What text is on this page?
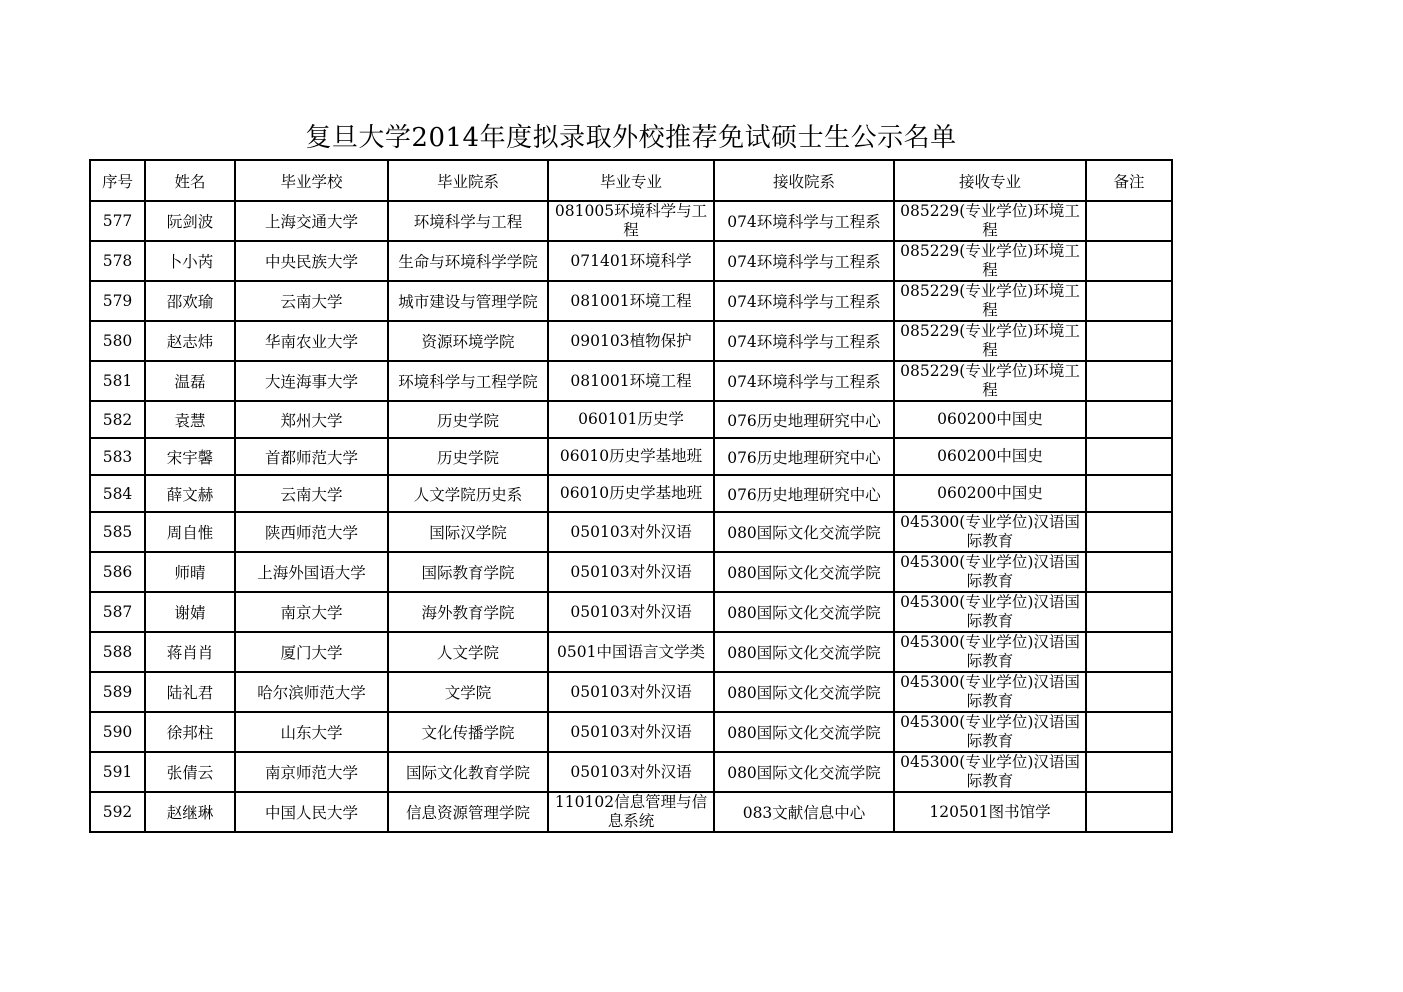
复旦大学2014年度拟录取外校推荐免试硕士生公示名单
序号	姓名	毕业学校	毕业院系	毕业专业	接收院系	接收专业	备注
577	阮剑波	上海交通大学	环境科学与工程	081005环境科学与工程	074环境科学与工程系	085229(专业学位)环境工程	

578	卜小芮	中央民族大学	生命与环境科学学院	071401环境科学	074环境科学与工程系	085229(专业学位)环境工程	

579	邵欢瑜	云南大学	城市建设与管理学院	081001环境工程	074环境科学与工程系	085229(专业学位)环境工程	

580	赵志炜	华南农业大学	资源环境学院	090103植物保护	074环境科学与工程系	085229(专业学位)环境工程	

581	温磊	大连海事大学	环境科学与工程学院	081001环境工程	074环境科学与工程系	085229(专业学位)环境工程	

582	袁慧	郑州大学	历史学院	060101历史学	076历史地理研究中心	060200中国史	

583	宋宇馨	首都师范大学	历史学院	06010历史学基地班	076历史地理研究中心	060200中国史	

584	薛文赫	云南大学	人文学院历史系	06010历史学基地班	076历史地理研究中心	060200中国史	

585	周自惟	陕西师范大学	国际汉学院	050103对外汉语	080国际文化交流学院	045300(专业学位)汉语国际教育	

586	师晴	上海外国语大学	国际教育学院	050103对外汉语	080国际文化交流学院	045300(专业学位)汉语国际教育	

587	谢婧	南京大学	海外教育学院	050103对外汉语	080国际文化交流学院	045300(专业学位)汉语国际教育	

588	蒋肖肖	厦门大学	人文学院	0501中国语言文学类	080国际文化交流学院	045300(专业学位)汉语国际教育	

589	陆礼君	哈尔滨师范大学	文学院	050103对外汉语	080国际文化交流学院	045300(专业学位)汉语国际教育	

590	徐邦柱	山东大学	文化传播学院	050103对外汉语	080国际文化交流学院	045300(专业学位)汉语国际教育	

591	张倩云	南京师范大学	国际文化教育学院	050103对外汉语	080国际文化交流学院	045300(专业学位)汉语国际教育	

592	赵继琳	中国人民大学	信息资源管理学院	110102信息管理与信息系统	083文献信息中心	120501图书馆学	
